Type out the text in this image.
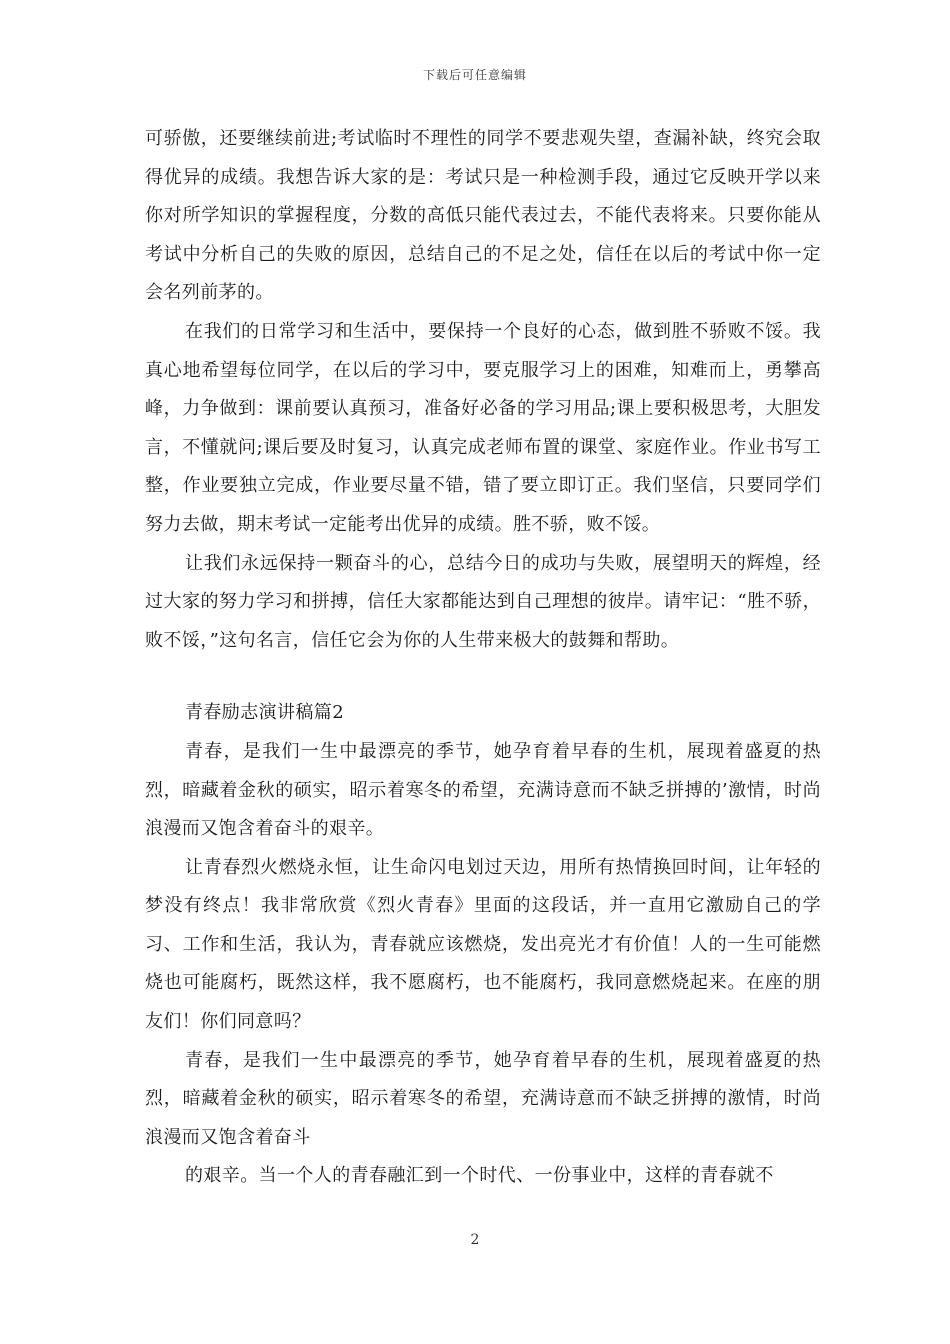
下载后可任意编辑

可骄傲，还要继续前进;考试临时不理性的同学不要悲观失望，查漏补缺，终究会取得优异的成绩。我想告诉大家的是：考试只是一种检测手段，通过它反映开学以来你对所学知识的掌握程度，分数的高低只能代表过去，不能代表将来。只要你能从考试中分析自己的失败的原因，总结自己的不足之处，信任在以后的考试中你一定会名列前茅的。

在我们的日常学习和生活中，要保持一个良好的心态，做到胜不骄败不馁。我真心地希望每位同学，在以后的学习中，要克服学习上的困难，知难而上，勇攀高峰，力争做到：课前要认真预习，准备好必备的学习用品;课上要积极思考，大胆发言，不懂就问;课后要及时复习，认真完成老师布置的课堂、家庭作业。作业书写工整，作业要独立完成，作业要尽量不错，错了要立即订正。我们坚信，只要同学们努力去做，期末考试一定能考出优异的成绩。胜不骄，败不馁。

让我们永远保持一颗奋斗的心，总结今日的成功与失败，展望明天的辉煌，经过大家的努力学习和拼搏，信任大家都能达到自己理想的彼岸。请牢记：“胜不骄，败不馁，”这句名言，信任它会为你的人生带来极大的鼓舞和帮助。

青春励志演讲稿篇2

青春，是我们一生中最漂亮的季节，她孕育着早春的生机，展现着盛夏的热烈，暗藏着金秋的硕实，昭示着寒冬的希望，充满诗意而不缺乏拼搏的’激情，时尚浪漫而又饱含着奋斗的艰辛。

让青春烈火燃烧永恒，让生命闪电划过天边，用所有热情换回时间，让年轻的梦没有终点！我非常欣赏《烈火青春》里面的这段话，并一直用它激励自己的学习、工作和生活，我认为，青春就应该燃烧，发出亮光才有价值！人的一生可能燃烧也可能腐朽，既然这样，我不愿腐朽，也不能腐朽，我同意燃烧起来。在座的朋友们！你们同意吗？

青春，是我们一生中最漂亮的季节，她孕育着早春的生机，展现着盛夏的热烈，暗藏着金秋的硕实，昭示着寒冬的希望，充满诗意而不缺乏拼搏的激情，时尚浪漫而又饱含着奋斗

的艰辛。当一个人的青春融汇到一个时代、一份事业中，这样的青春就不

2
